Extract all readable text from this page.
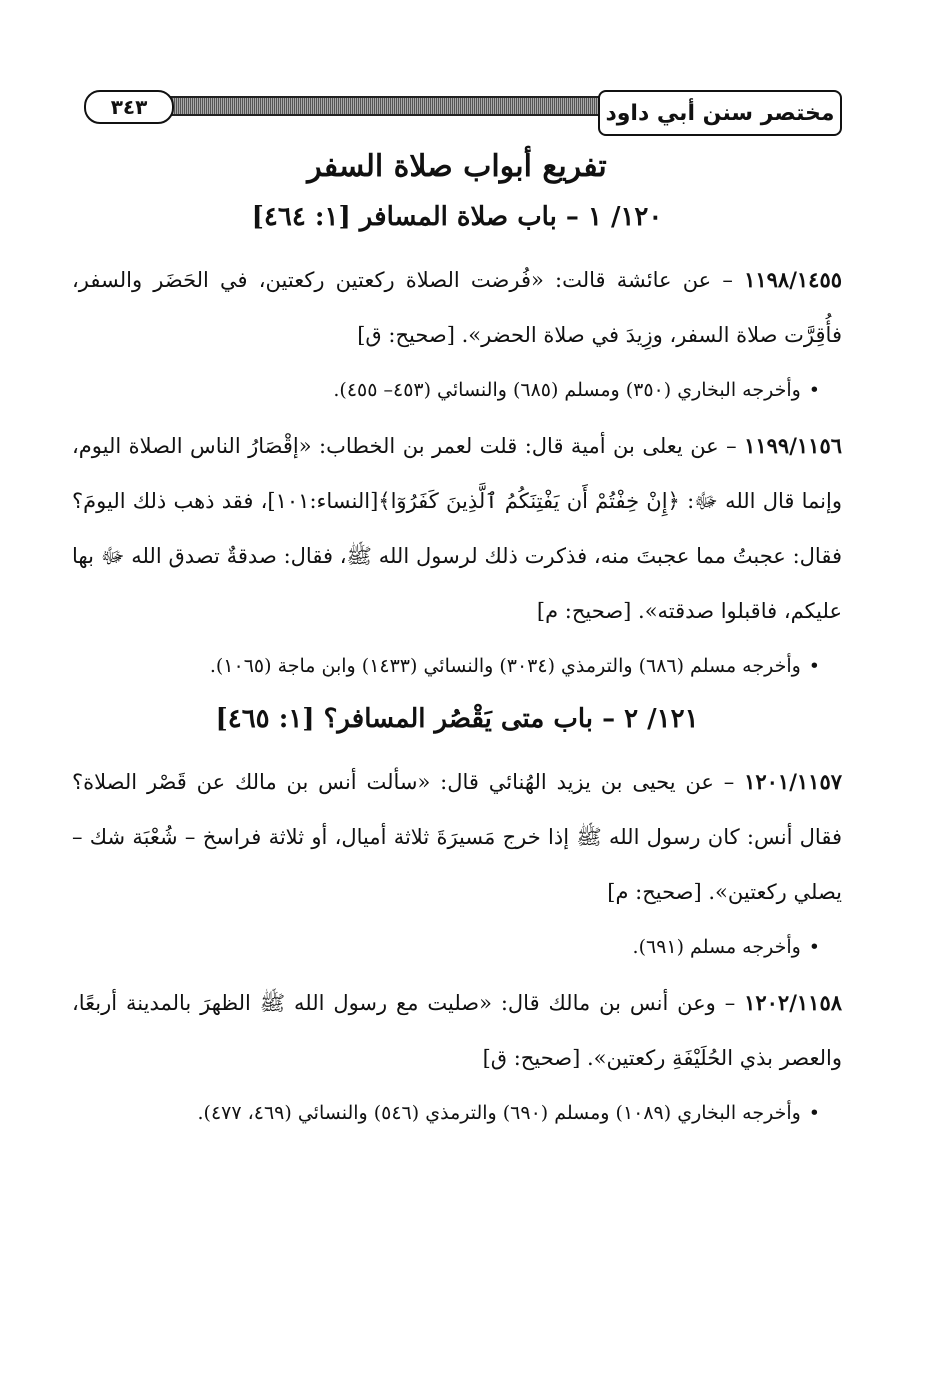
مختصر سنن أبي داود
٣٤٣
تفريع أبواب صلاة السفر
١٢٠/ ١ – باب صلاة المسافر [١: ٤٦٤]

١١٩٨/١٤٥٥ – عن عائشة قالت: «فُرضت الصلاة ركعتين ركعتين، في الحَضَر والسفر، فأُقِرَّت صلاة السفر، وزِيدَ في صلاة الحضر». [صحيح: ق]

• وأخرجه البخاري (٣٥٠) ومسلم (٦٨٥) والنسائي (٤٥٣– ٤٥٥).

١١٩٩/١١٥٦ – عن يعلى بن أمية قال: قلت لعمر بن الخطاب: «إقْصَارُ الناس الصلاة اليوم، وإنما قال الله ﷻ: ﴿إِنْ خِفْتُمْ أَن يَفْتِنَكُمُ ٱلَّذِينَ كَفَرُوٓا﴾[النساء:١٠١]، فقد ذهب ذلك اليومَ؟ فقال: عجبتُ مما عجبتَ منه، فذكرت ذلك لرسول الله ﷺ، فقال: صدقةٌ تصدق الله ﷻ بها عليكم، فاقبلوا صدقته». [صحيح: م]

• وأخرجه مسلم (٦٨٦) والترمذي (٣٠٣٤) والنسائي (١٤٣٣) وابن ماجة (١٠٦٥).

١٢١/ ٢ – باب متى يَقْصُر المسافر؟ [١: ٤٦٥]

١٢٠١/١١٥٧ – عن يحيى بن يزيد الهُنائي قال: «سألت أنس بن مالك عن قَصْر الصلاة؟ فقال أنس: كان رسول الله ﷺ إذا خرج مَسيرَةَ ثلاثة أميال، أو ثلاثة فراسخ – شُعْبَة شك – يصلي ركعتين». [صحيح: م]

• وأخرجه مسلم (٦٩١).

١٢٠٢/١١٥٨ – وعن أنس بن مالك قال: «صليت مع رسول الله ﷺ الظهرَ بالمدينة أربعًا، والعصر بذي الحُلَيْفَةِ ركعتين». [صحيح: ق]

• وأخرجه البخاري (١٠٨٩) ومسلم (٦٩٠) والترمذي (٥٤٦) والنسائي (٤٦٩، ٤٧٧).
